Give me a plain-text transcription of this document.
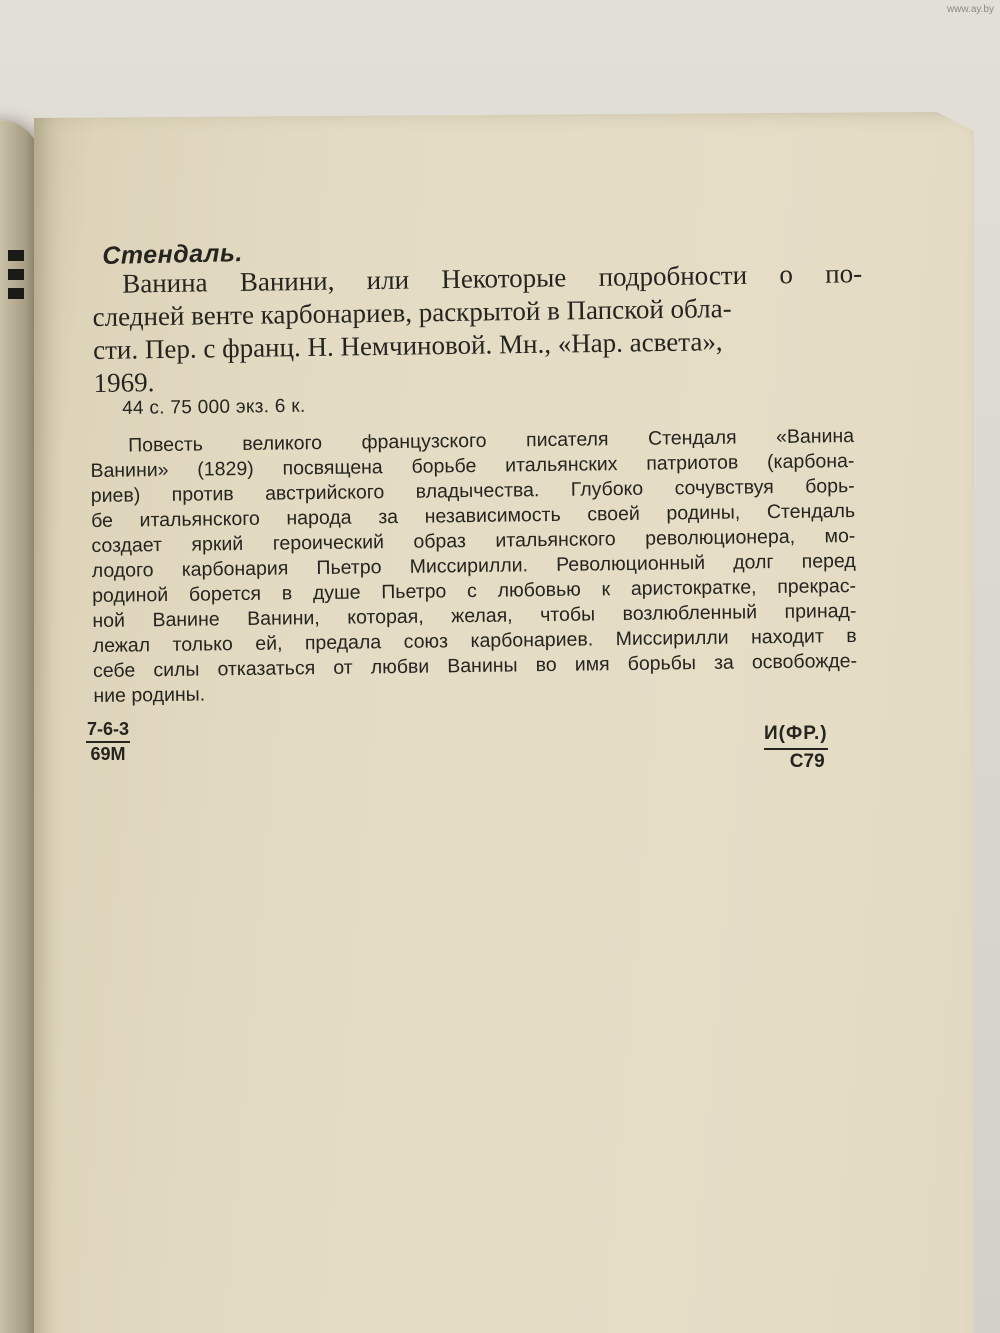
Стендаль.
Ванина Ванини, или Некоторые подробности о по-
следней венте карбонариев, раскрытой в Папской обла-
сти. Пер. с франц. Н. Немчиновой. Мн., «Нар. асвета»,
1969.
44 с. 75 000 экз. 6 к.
Повесть великого французского писателя Стендаля «Ванина
Ванини» (1829) посвящена борьбе итальянских патриотов (карбона-
риев) против австрийского владычества. Глубоко сочувствуя борь-
бе итальянского народа за независимость своей родины, Стендаль
создает яркий героический образ итальянского революционера, мо-
лодого карбонария Пьетро Миссирилли. Революционный долг перед
родиной борется в душе Пьетро с любовью к аристократке, прекрас-
ной Ванине Ванини, которая, желая, чтобы возлюбленный принад-
лежал только ей, предала союз карбонариев. Миссирилли находит в
себе силы отказаться от любви Ванины во имя борьбы за освобожде-
ние родины.
7-6-3
69М
И(ФР.)
С79
www.ay.by
